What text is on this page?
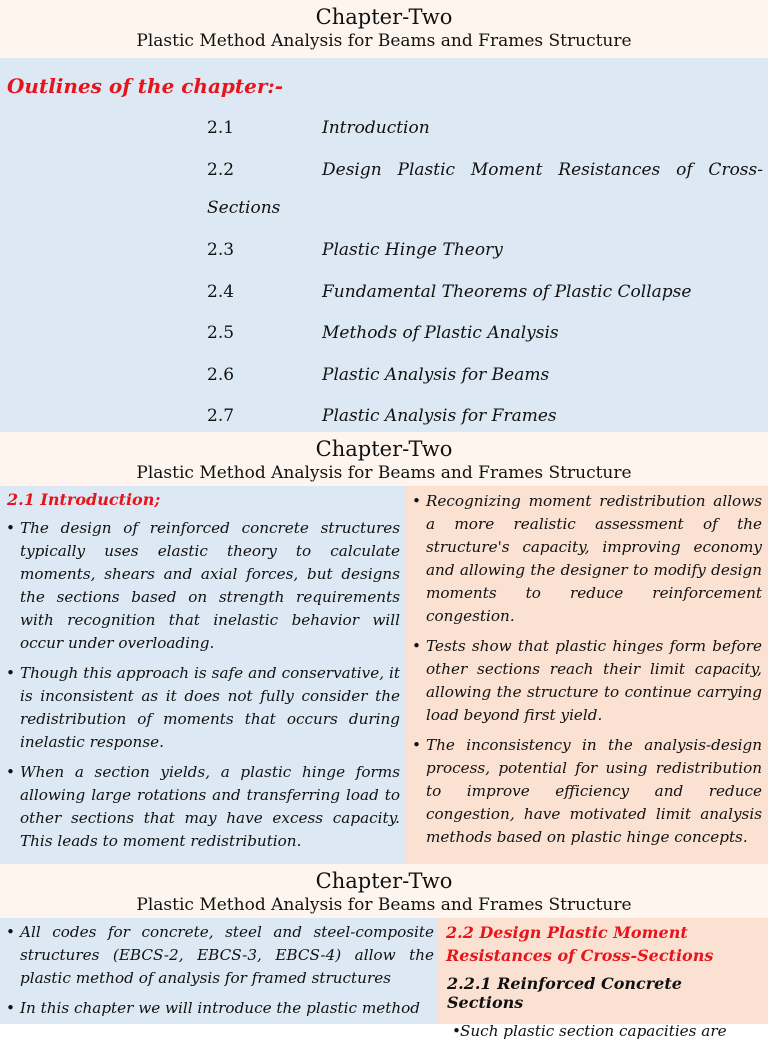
Chapter-Two
Plastic Method Analysis for Beams and Frames Structure
Outlines of the chapter:-
2.1	Introduction
2.2	Design Plastic Moment Resistances of Cross-
Sections
2.3	Plastic Hinge Theory
2.4	Fundamental Theorems of Plastic Collapse
2.5	Methods of Plastic Analysis
2.6	Plastic Analysis for Beams
2.7	Plastic Analysis for Frames
Chapter-Two
Plastic Method Analysis for Beams and Frames Structure
2.1 Introduction;
• The design of reinforced concrete structures typically uses elastic theory to calculate moments, shears and axial forces, but designs the sections based on strength requirements with recognition that inelastic behavior will occur under overloading.
• Though this approach is safe and conservative, it is inconsistent as it does not fully consider the redistribution of moments that occurs during inelastic response.
• When a section yields, a plastic hinge forms allowing large rotations and transferring load to other sections that may have excess capacity. This leads to moment redistribution.
• Recognizing moment redistribution allows a more realistic assessment of the structure's capacity, improving economy and allowing the designer to modify design moments to reduce reinforcement congestion.
• Tests show that plastic hinges form before other sections reach their limit capacity, allowing the structure to continue carrying load beyond first yield.
• The inconsistency in the analysis-design process, potential for using redistribution to improve efficiency and reduce congestion, have motivated limit analysis methods based on plastic hinge concepts.
Chapter-Two
Plastic Method Analysis for Beams and Frames Structure
• All codes for concrete, steel and steel-composite structures (EBCS-2, EBCS-3, EBCS-4) allow the plastic method of analysis for framed structures
• In this chapter we will introduce the plastic method
2.2 Design Plastic Moment
Resistances of Cross-Sections
2.2.1 Reinforced Concrete Sections
• Such plastic section capacities are
